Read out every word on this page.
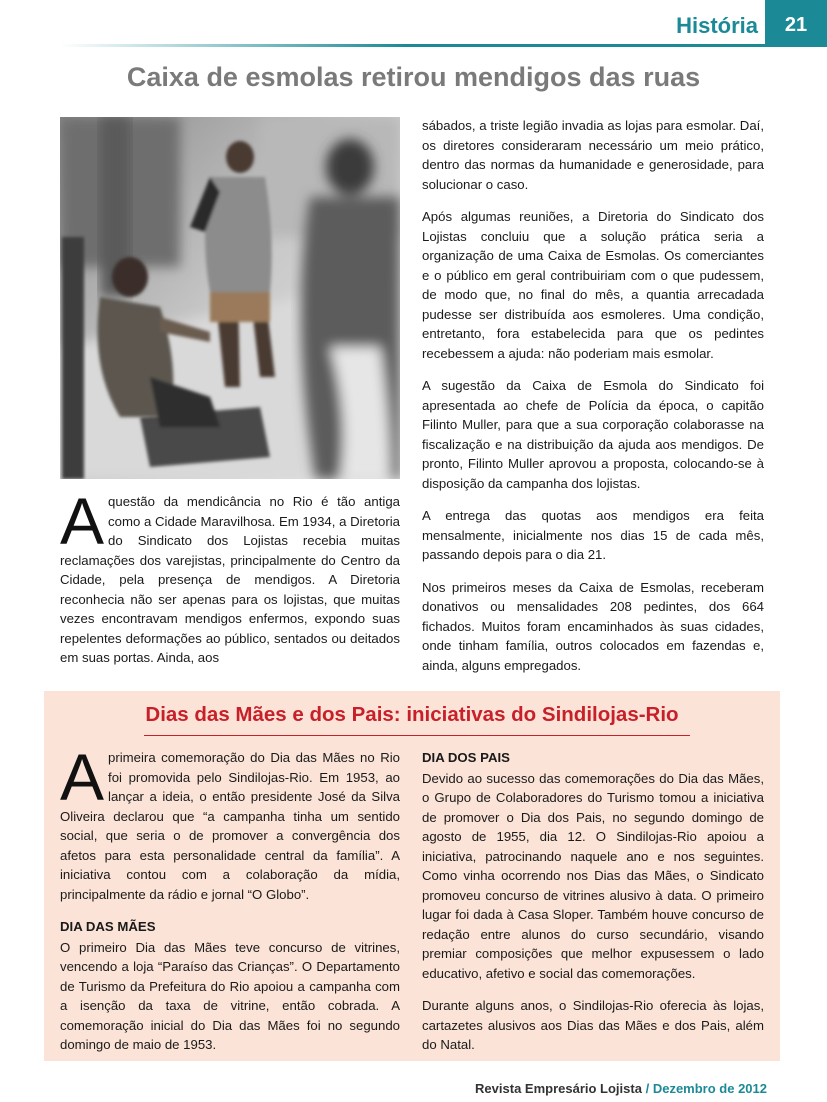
História	21
Caixa de esmolas retirou mendigos das ruas
A questão da mendicância no Rio é tão antiga como a Cidade Maravilhosa. Em 1934, a Diretoria do Sindicato dos Lojistas recebia muitas reclamações dos varejistas, principalmente do Centro da Cidade, pela presença de mendigos. A Diretoria reconhecia não ser apenas para os lojistas, que muitas vezes encontravam mendigos enfermos, expondo suas repelentes deformações ao público, sentados ou deitados em suas portas. Ainda, aos

sábados, a triste legião invadia as lojas para esmolar. Daí, os diretores consideraram necessário um meio prático, dentro das normas da humanidade e generosidade, para solucionar o caso.

Após algumas reuniões, a Diretoria do Sindicato dos Lojistas concluiu que a solução prática seria a organização de uma Caixa de Esmolas. Os comerciantes e o público em geral contribuiriam com o que pudessem, de modo que, no final do mês, a quantia arrecadada pudesse ser distribuída aos esmoleres. Uma condição, entretanto, fora estabelecida para que os pedintes recebessem a ajuda: não poderiam mais esmolar.

A sugestão da Caixa de Esmola do Sindicato foi apresentada ao chefe de Polícia da época, o capitão Filinto Muller, para que a sua corporação colaborasse na fiscalização e na distribuição da ajuda aos mendigos. De pronto, Filinto Muller aprovou a proposta, colocando-se à disposição da campanha dos lojistas.

A entrega das quotas aos mendigos era feita mensalmente, inicialmente nos dias 15 de cada mês, passando depois para o dia 21.

Nos primeiros meses da Caixa de Esmolas, receberam donativos ou mensalidades 208 pedintes, dos 664 fichados. Muitos foram encaminhados às suas cidades, onde tinham família, outros colocados em fazendas e, ainda, alguns empregados.

Dias das Mães e dos Pais: iniciativas do Sindilojas-Rio

Aprimeira comemoração do Dia das Mães no Rio foi promovida pelo Sindilojas-Rio. Em 1953, ao lançar a ideia, o então presidente José da Silva Oliveira declarou que “a campanha tinha um sentido social, que seria o de promover a convergência dos afetos para esta personalidade central da família”. A iniciativa contou com a colaboração da mídia, principalmente da rádio e jornal “O Globo”.

DIA DAS MÃES

O primeiro Dia das Mães teve concurso de vitrines, vencendo a loja “Paraíso das Crianças”. O Departamento de Turismo da Prefeitura do Rio apoiou a campanha com a isenção da taxa de vitrine, então cobrada. A comemoração inicial do Dia das Mães foi no segundo domingo de maio de 1953.

DIA DOS PAIS

Devido ao sucesso das comemorações do Dia das Mães, o Grupo de Colaboradores do Turismo tomou a iniciativa de promover o Dia dos Pais, no segundo domingo de agosto de 1955, dia 12. O Sindilojas-Rio apoiou a iniciativa, patrocinando naquele ano e nos seguintes. Como vinha ocorrendo nos Dias das Mães, o Sindicato promoveu concurso de vitrines alusivo à data. O primeiro lugar foi dada à Casa Sloper. Também houve concurso de redação entre alunos do curso secundário, visando premiar composições que melhor expusessem o lado educativo, afetivo e social das comemorações.

Durante alguns anos, o Sindilojas-Rio oferecia às lojas, cartazetes alusivos aos Dias das Mães e dos Pais, além do Natal.

Revista Empresário Lojista / Dezembro de 2012
